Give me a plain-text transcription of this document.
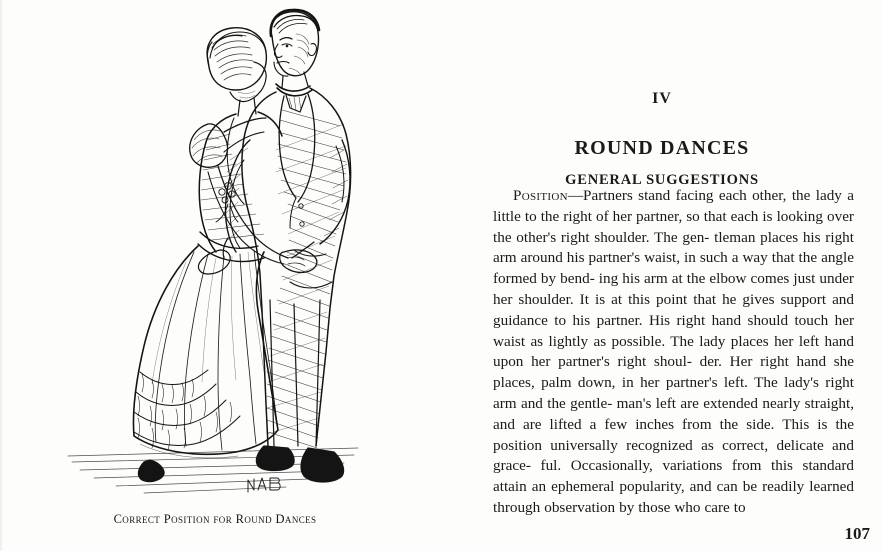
Correct Position for Round Dances
IV
ROUND DANCES
GENERAL SUGGESTIONS
Position—Partners stand facing each other, the lady a little to the right of her partner, so that each is looking over the other's right shoulder. The gen- tleman places his right arm around his partner's waist, in such a way that the angle formed by bend- ing his arm at the elbow comes just under her shoulder. It is at this point that he gives support and guidance to his partner. His right hand should touch her waist as lightly as possible. The lady places her left hand upon her partner's right shoul- der. Her right hand she places, palm down, in her partner's left. The lady's right arm and the gentle- man's left are extended nearly straight, and are lifted a few inches from the side. This is the position universally recognized as correct, delicate and grace- ful. Occasionally, variations from this standard attain an ephemeral popularity, and can be readily learned through observation by those who care to
107
